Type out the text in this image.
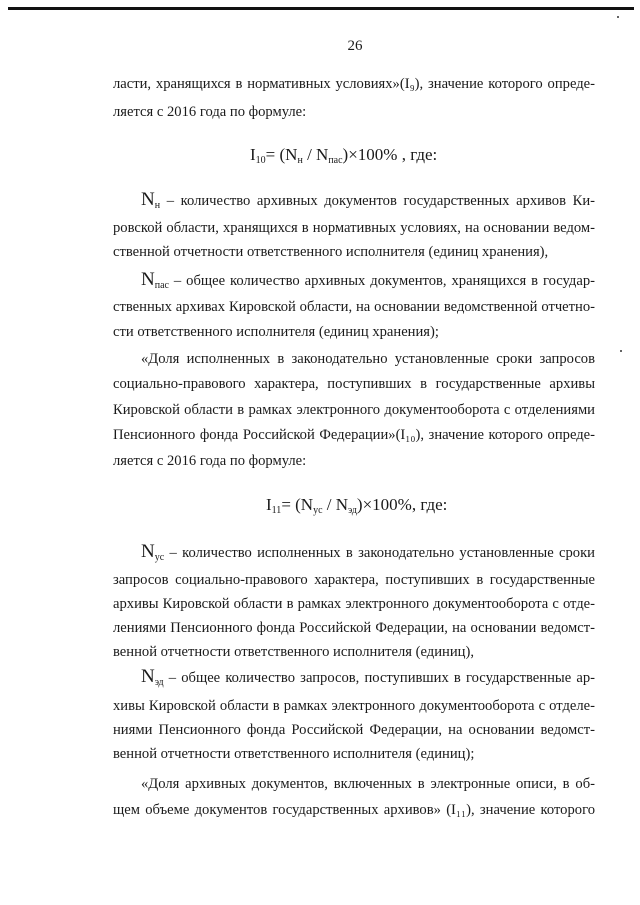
26
ласти, хранящихся в нормативных условиях»(I₉), значение которого опреде-
ляется с 2016 года по формуле:
$I_{10}= (N_н / N_{пас})\times 100\%$ , где:
$N_н$ – количество архивных документов государственных архивов Ки-
ровской области, хранящихся в нормативных условиях, на основании ведом-
ственной отчетности ответственного исполнителя (единиц хранения),
$N_{пас}$ – общее количество архивных документов, хранящихся в государ-
ственных архивах Кировской области, на основании ведомственной отчетно-
сти ответственного исполнителя (единиц хранения);
«Доля исполненных в законодательно установленные сроки запросов
социально-правового характера, поступивших в государственные архивы
Кировской области в рамках электронного документооборота с отделениями
Пенсионного фонда Российской Федерации»(I₁₀), значение которого опреде-
ляется с 2016 года по формуле:
$I_{11}= (N_{ус} / N_{эд})\times 100\%$, где:
$N_{ус}$ – количество исполненных в законодательно установленные сроки
запросов социально-правового характера, поступивших в государственные
архивы Кировской области в рамках электронного документооборота с отде-
лениями Пенсионного фонда Российской Федерации, на основании ведомст-
венной отчетности ответственного исполнителя (единиц),
$N_{эд}$ – общее количество запросов, поступивших в государственные ар-
хивы Кировской области в рамках электронного документооборота с отделе-
ниями Пенсионного фонда Российской Федерации, на основании ведомст-
венной отчетности ответственного исполнителя (единиц);
«Доля архивных документов, включенных в электронные описи, в об-
щем объеме документов государственных архивов» (I₁₁), значение которого
